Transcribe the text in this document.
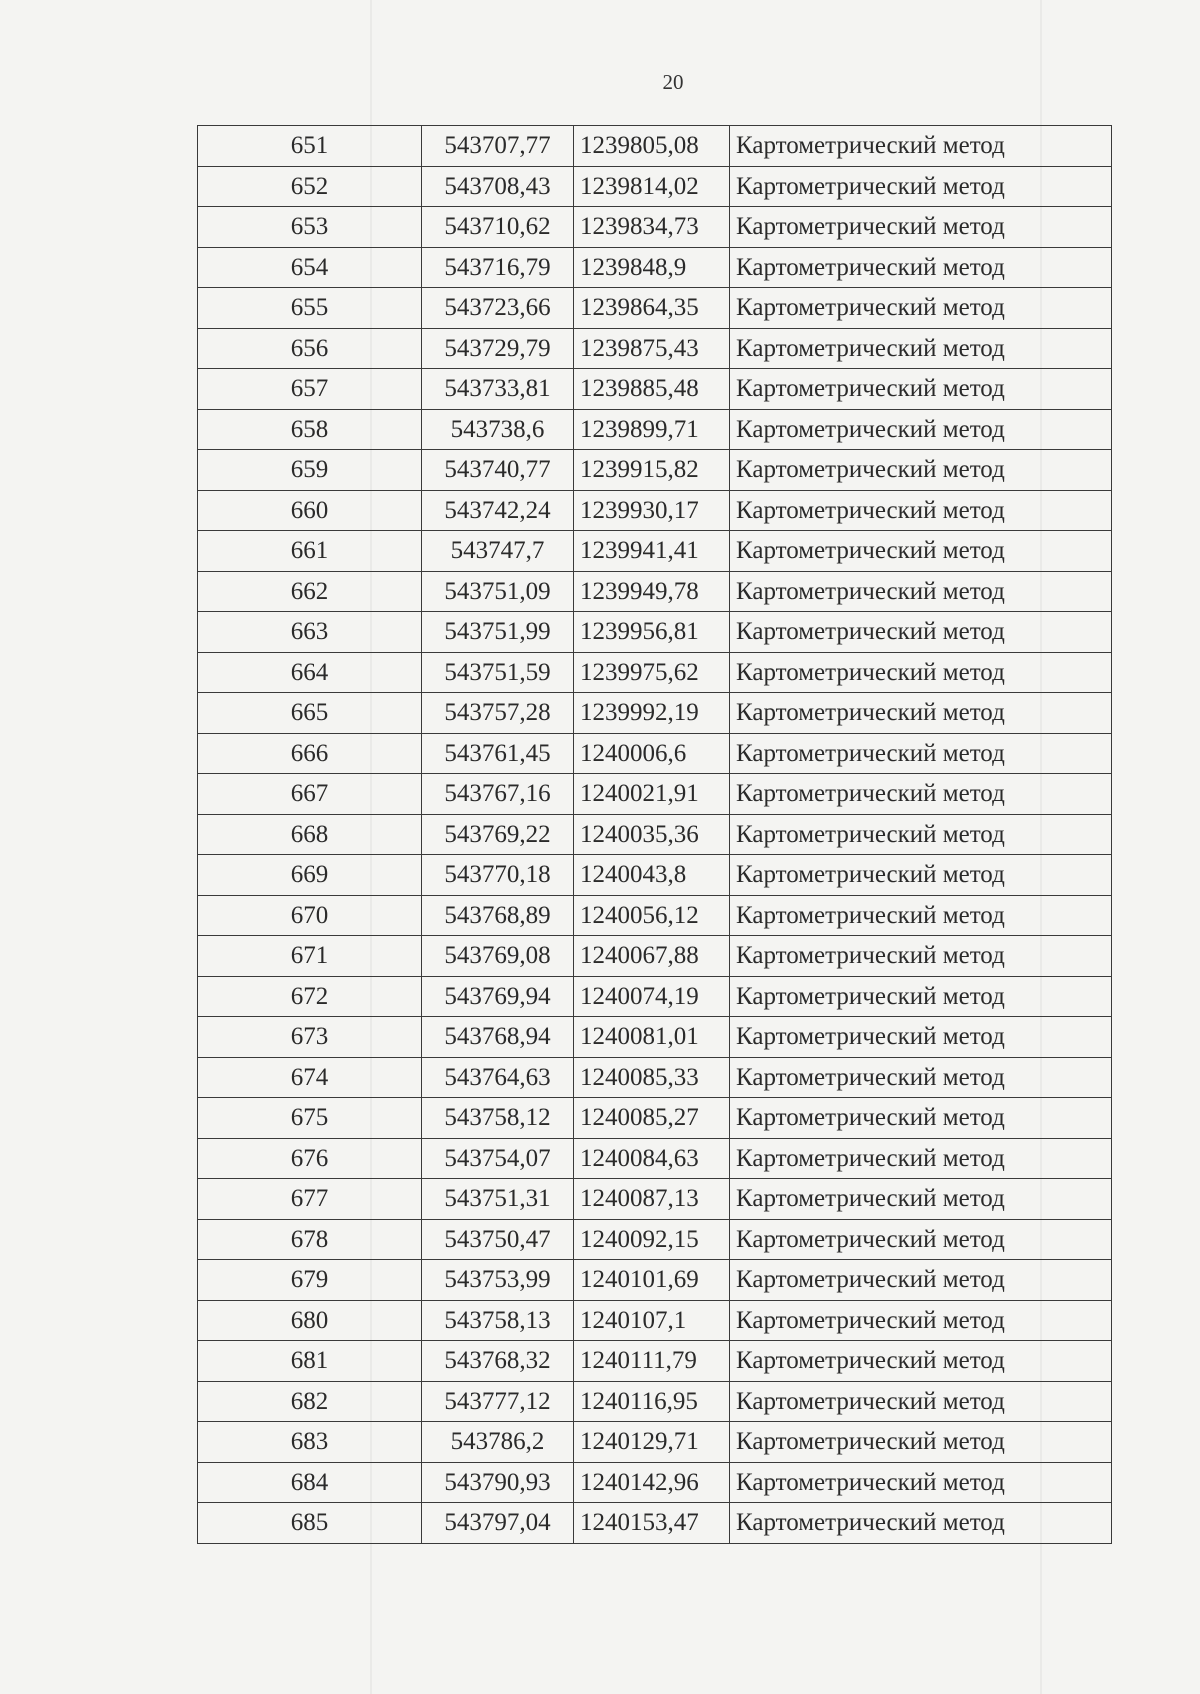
20
651	543707,77	1239805,08	Картометрический метод
652	543708,43	1239814,02	Картометрический метод
653	543710,62	1239834,73	Картометрический метод
654	543716,79	1239848,9	Картометрический метод
655	543723,66	1239864,35	Картометрический метод
656	543729,79	1239875,43	Картометрический метод
657	543733,81	1239885,48	Картометрический метод
658	543738,6	1239899,71	Картометрический метод
659	543740,77	1239915,82	Картометрический метод
660	543742,24	1239930,17	Картометрический метод
661	543747,7	1239941,41	Картометрический метод
662	543751,09	1239949,78	Картометрический метод
663	543751,99	1239956,81	Картометрический метод
664	543751,59	1239975,62	Картометрический метод
665	543757,28	1239992,19	Картометрический метод
666	543761,45	1240006,6	Картометрический метод
667	543767,16	1240021,91	Картометрический метод
668	543769,22	1240035,36	Картометрический метод
669	543770,18	1240043,8	Картометрический метод
670	543768,89	1240056,12	Картометрический метод
671	543769,08	1240067,88	Картометрический метод
672	543769,94	1240074,19	Картометрический метод
673	543768,94	1240081,01	Картометрический метод
674	543764,63	1240085,33	Картометрический метод
675	543758,12	1240085,27	Картометрический метод
676	543754,07	1240084,63	Картометрический метод
677	543751,31	1240087,13	Картометрический метод
678	543750,47	1240092,15	Картометрический метод
679	543753,99	1240101,69	Картометрический метод
680	543758,13	1240107,1	Картометрический метод
681	543768,32	1240111,79	Картометрический метод
682	543777,12	1240116,95	Картометрический метод
683	543786,2	1240129,71	Картометрический метод
684	543790,93	1240142,96	Картометрический метод
685	543797,04	1240153,47	Картометрический метод
